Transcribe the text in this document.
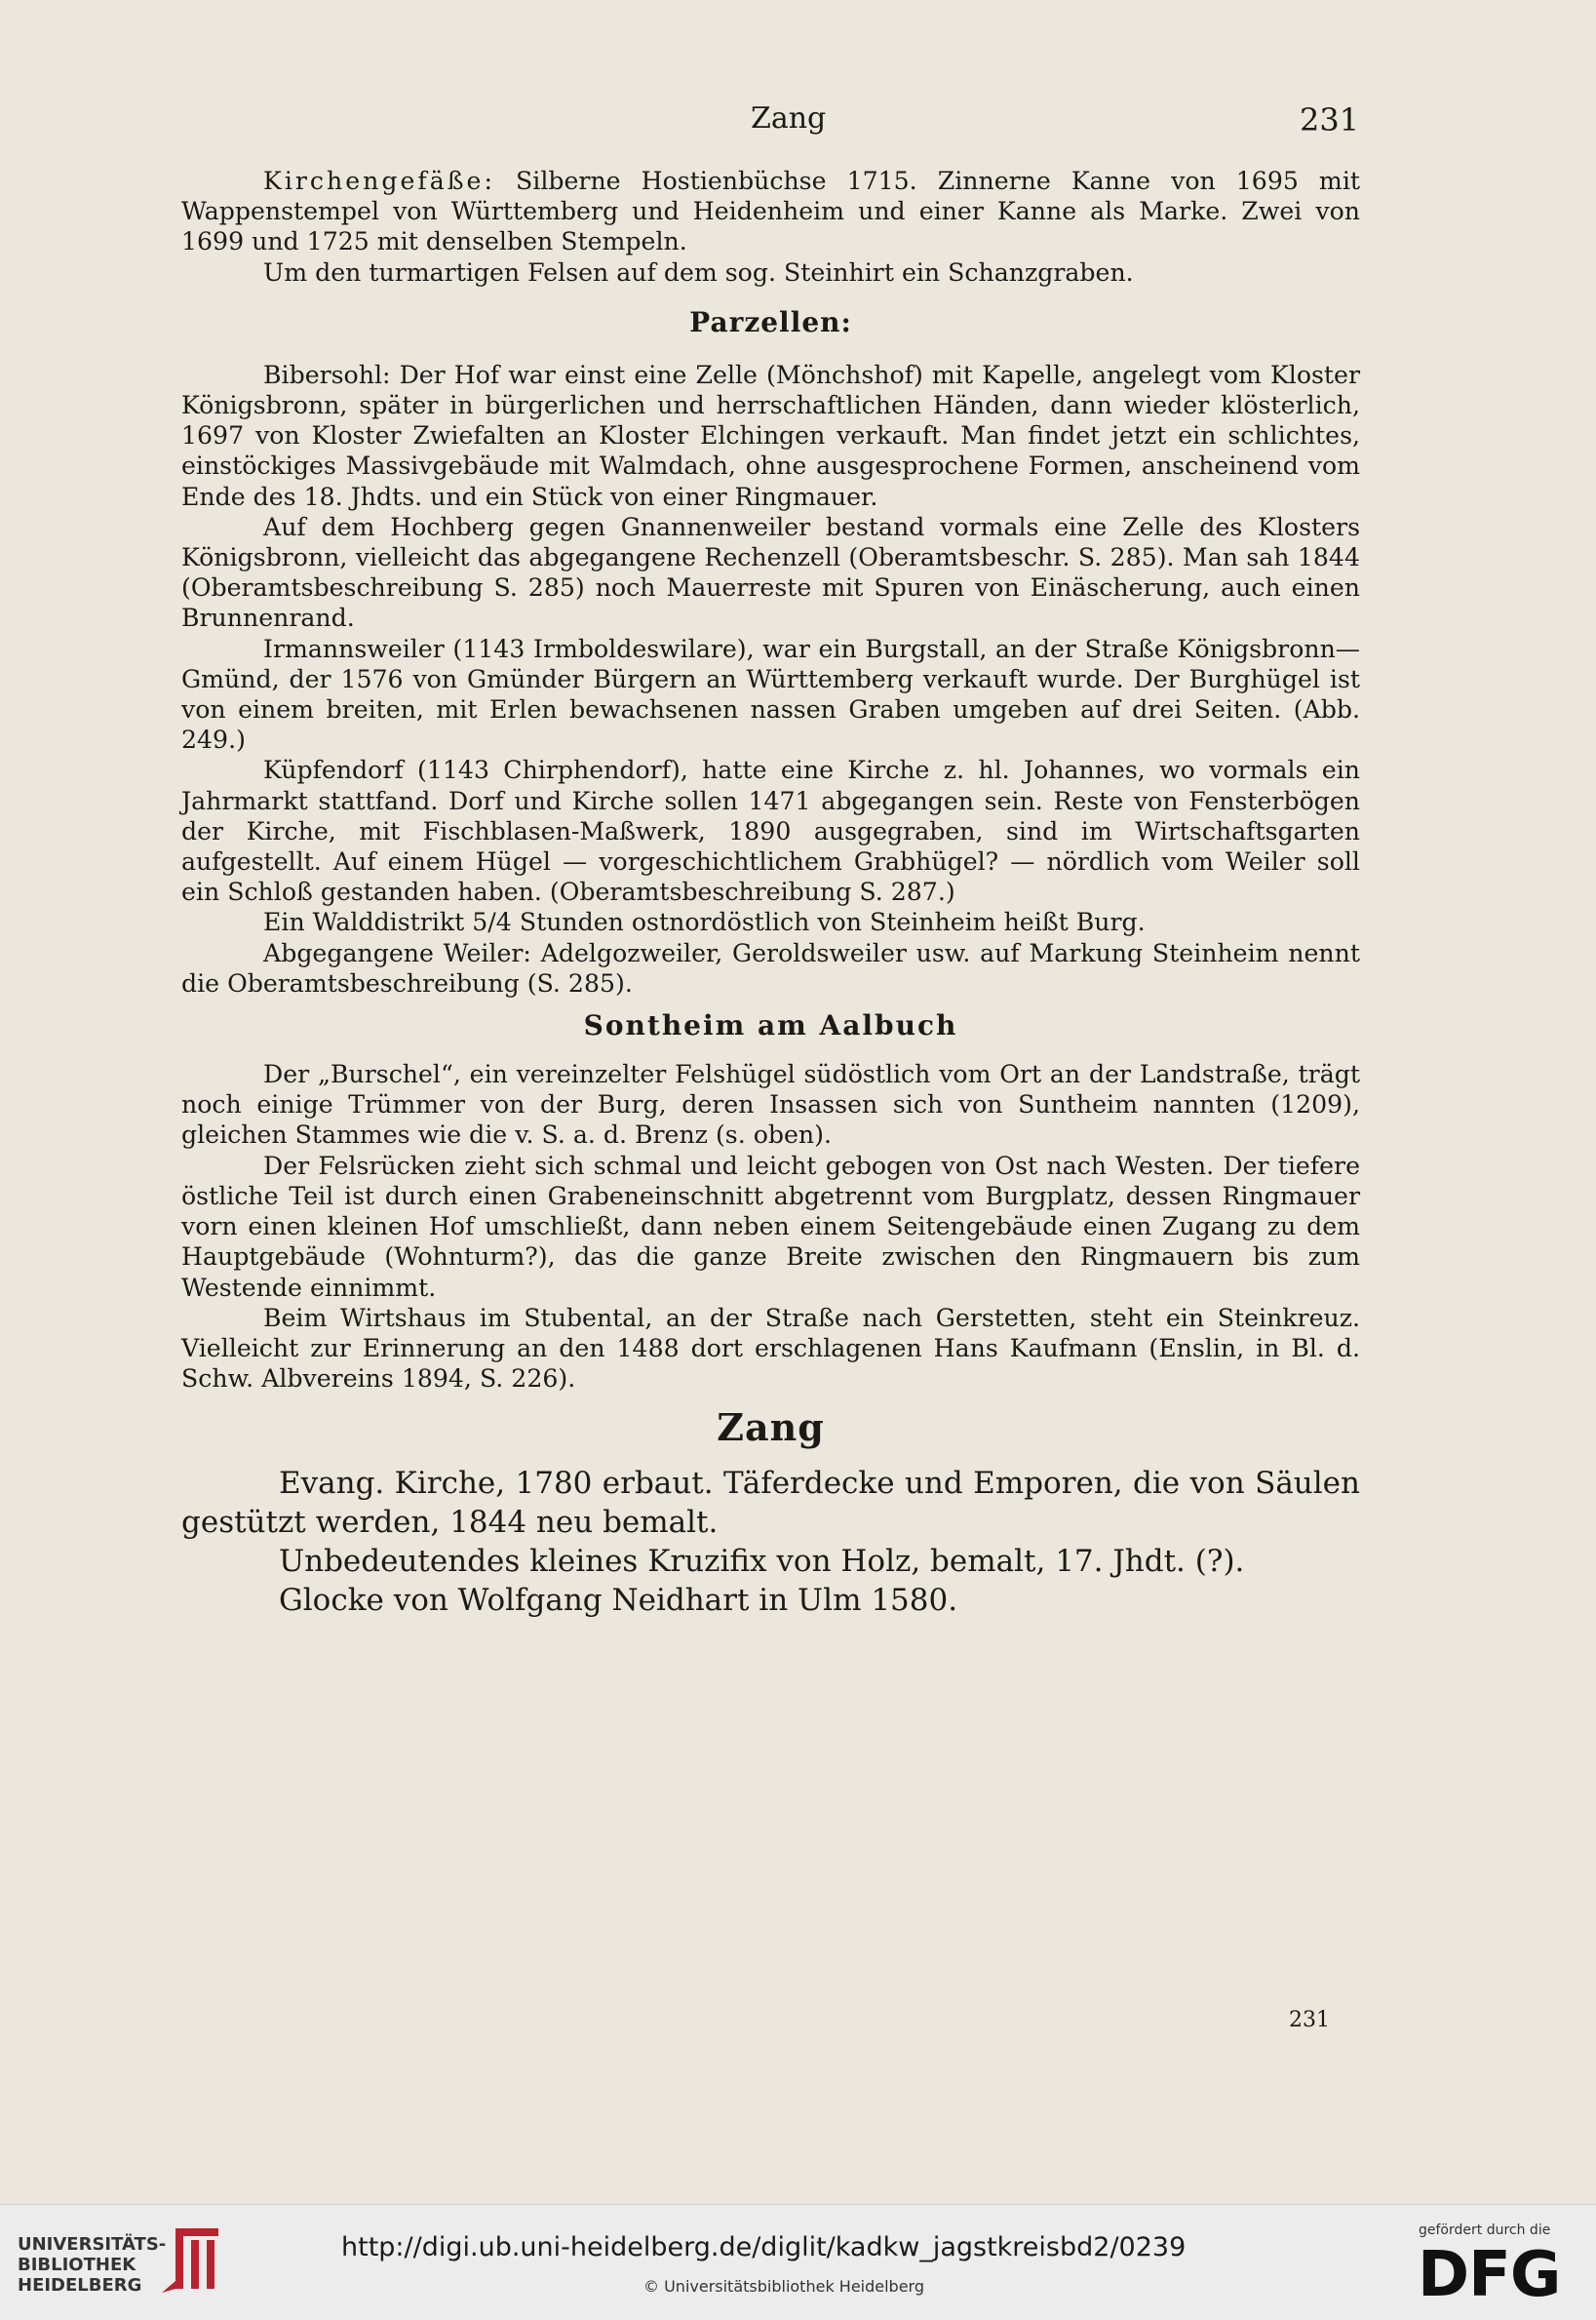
Zang	231

Kirchengefäße: Silberne Hostienbüchse 1715. Zinnerne Kanne von 1695 mit Wappenstempel von Württemberg und Heidenheim und einer Kanne als Marke. Zwei von 1699 und 1725 mit denselben Stempeln.

Um den turmartigen Felsen auf dem sog. Steinhirt ein Schanzgraben.

Parzellen:

Bibersohl: Der Hof war einst eine Zelle (Mönchshof) mit Kapelle, angelegt vom Kloster Königsbronn, später in bürgerlichen und herrschaftlichen Händen, dann wieder klösterlich, 1697 von Kloster Zwiefalten an Kloster Elchingen verkauft. Man findet jetzt ein schlichtes, einstöckiges Massivgebäude mit Walmdach, ohne ausgesprochene Formen, anscheinend vom Ende des 18. Jhdts. und ein Stück von einer Ringmauer.

Auf dem Hochberg gegen Gnannenweiler bestand vormals eine Zelle des Klosters Königsbronn, vielleicht das abgegangene Rechenzell (Oberamtsbeschr. S. 285). Man sah 1844 (Oberamtsbeschreibung S. 285) noch Mauerreste mit Spuren von Einäscherung, auch einen Brunnenrand.

Irmannsweiler (1143 Irmboldeswilare), war ein Burgstall, an der Straße Königsbronn—Gmünd, der 1576 von Gmünder Bürgern an Württemberg verkauft wurde. Der Burghügel ist von einem breiten, mit Erlen bewachsenen nassen Graben umgeben auf drei Seiten. (Abb. 249.)

Küpfendorf (1143 Chirphendorf), hatte eine Kirche z. hl. Johannes, wo vormals ein Jahrmarkt stattfand. Dorf und Kirche sollen 1471 abgegangen sein. Reste von Fensterbögen der Kirche, mit Fischblasen-Maßwerk, 1890 ausgegraben, sind im Wirtschaftsgarten aufgestellt. Auf einem Hügel — vorgeschichtlichem Grabhügel? — nördlich vom Weiler soll ein Schloß gestanden haben. (Oberamtsbeschreibung S. 287.)

Ein Walddistrikt 5/4 Stunden ostnordöstlich von Steinheim heißt Burg.

Abgegangene Weiler: Adelgozweiler, Geroldsweiler usw. auf Markung Steinheim nennt die Oberamtsbeschreibung (S. 285).

Sontheim am Aalbuch

Der „Burschel“, ein vereinzelter Felshügel südöstlich vom Ort an der Landstraße, trägt noch einige Trümmer von der Burg, deren Insassen sich von Suntheim nannten (1209), gleichen Stammes wie die v. S. a. d. Brenz (s. oben).

Der Felsrücken zieht sich schmal und leicht gebogen von Ost nach Westen. Der tiefere östliche Teil ist durch einen Grabeneinschnitt abgetrennt vom Burgplatz, dessen Ringmauer vorn einen kleinen Hof umschließt, dann neben einem Seitengebäude einen Zugang zu dem Hauptgebäude (Wohnturm?), das die ganze Breite zwischen den Ringmauern bis zum Westende einnimmt.

Beim Wirtshaus im Stubental, an der Straße nach Gerstetten, steht ein Steinkreuz. Vielleicht zur Erinnerung an den 1488 dort erschlagenen Hans Kaufmann (Enslin, in Bl. d. Schw. Albvereins 1894, S. 226).

Zang

Evang. Kirche, 1780 erbaut. Täferdecke und Emporen, die von Säulen gestützt werden, 1844 neu bemalt.

Unbedeutendes kleines Kruzifix von Holz, bemalt, 17. Jhdt. (?).

Glocke von Wolfgang Neidhart in Ulm 1580.

231
UNIVERSITÄTS-
BIBLIOTHEK
HEIDELBERG
http://digi.ub.uni-heidelberg.de/diglit/kadkw_jagstkreisbd2/0239
© Universitätsbibliothek Heidelberg
gefördert durch die
DFG
